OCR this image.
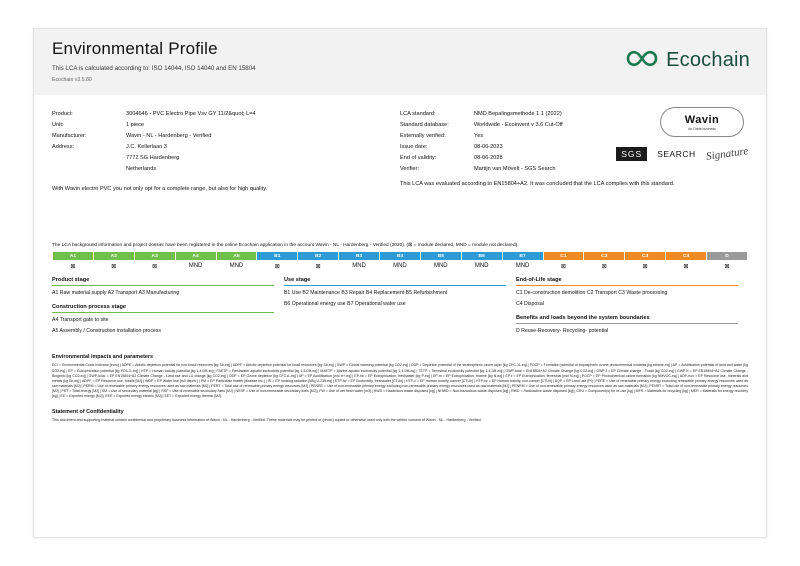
Environmental Profile
This LCA is calculated according to: ISO 14044, ISO 14040 and EN 15804
Ecochain v3.5.80
Ecochain
Product:	3004646 - PVC Electro Pipe Vsv GY 11/2&quot; L=4
Unit:	1 piece
Manufacturer:	Wavin - NL - Hardenberg - Verified
Address:	J.C. Kellerlaan 3
7772 SG Hardenberg
Netherlands
LCA standard:	NMD Bepalingsmethode 1.1 (2022)
Standard database:	Worldwide - Ecoinvent v 3.6 Cut-Off
Externally verified:	Yes
Issue date:	08-06-2023
End of validity:	08-06-2028
Verifier:	Martijn van Mövelt - SGS Search
With Wavin electro PVC you not only opt for a complete range, but also for high quality.
This LCA was evaluated according to EN15804+A2. It was concluded that the LCA complies with this standard.
Wavin
An Orbia business
SGS	SEARCH Signature
The LCA background information and project dossier have been registered in the online Ecochain application in the account Wavin - NL - Hardenberg - Verified (2020), (⊠ = module declared, MND = module not declared).
A1	A2	A3	A4	A5	B1	B2	B3	B4	B5	B6	B7	C1	C2	C3	C4	D
⊠	⊠	⊠	MND	MND	⊠	⊠	MND	MND	MND	MND	MND	⊠	⊠	⊠	⊠	⊠
Product stage
A1 Raw material supply A2 Transport A3 Manufacturing
Construction process stage
A4 Transport gate to site
A5 Assembly / Construction installation process
Use stage
B1 Use B2 Maintenance B3 Repair B4 Replacement B5 Refurbishment
B6 Operational energy use B7 Operational water use
End-of-Life stage
C1 De-construction demolition C2 Transport C3 Waste processing
C4 Disposal
Benefits and loads beyond the system boundaries
D Reuse-Recovery- Recycling- potential
Environmental impacts and parameters

ECI = Environmental Costs Indicator [euro] | ADPE = Abiotic depletion potential for non-fossil resources [kg Sb-eq] | ADPF = Abiotic depletion potential for fossil resources [kg Sb-eq] | GWP = Global warming potential [kg CO2-eq] | ODP = Depletion potential of the stratospheric ozone layer [kg CFC-11-eq] | POCP = Formation potential of tropospheric ozone photochemical oxidants [kg ethane-eq] | AP = Acidification potential of land and water [kg SO2-eq] | EP = Eutrophication potential [kg PO4-3--eq] | HTP = Human toxicity potential [kg 1,4-DB-eq] | FAETP = Freshwater aquatic ecotoxicity potential [kg 1,4-DB-eq] | MAETP = Marine aquatic ecotoxicity potential [kg 1,4-DB-eq] | TETP = Terrestrial ecotoxicity potential [kg 1,4-DB-eq] | GWP-total = EN15804+A2 Climate Change [kg CO2-eq] | GWP-f = EP Climate change - Fossil [kg CO2-eq] | GWP-b = EP EN15804+A2 Climate Change - Biogenic [kg CO2-eq] | GWP-luluc = EP EN15804+A2 Climate Change - Land use and LU change [kg CO2-eq] | ODP = EP Ozone depletion [kg CFC11-eq] | AP = EP Acidification [mol H+-eq] | EP-fw = EP Eutrophication, freshwater [kg P-eq] | EP-m = EP Eutrophication, marine [kg N-eq] | EP-t = EP Eutrophication, terrestrial [mol N-eq] | POCP = EP Photochemical ozone formation [kg NMVOC-eq] | ADP-non = EP Resource use, minerals and metals [kg Sb-eq] | ADPF = EP Resource use, fossils [MJ] | WDP = EP Water use [m3 depriv.] | PM = EP Particulate matter [disease inc.] | IR = EP Ionising radiation [kBq U-235-eq] | ETP-fw = EP Ecotoxicity, freshwater [CTUe] | HTP-c = EP Human toxicity, cancer [CTUh] | HTP-nc = EP Human toxicity, non-cancer [CTUh] | SQP = EP Land use [Pt] | PERE = Use of renewable primary energy excluding renewable primary energy resources used as raw materials [MJ] | PERM = Use of renewable primary energy resources used as raw materials [MJ] | PERT = Total use of renewable primary energy resources [MJ] | PENRE = Use of non-renewable primary energy excluding non-renewable primary energy resources used as raw materials [MJ] | PENRM = Use of non-renewable primary energy resources used as raw materials [MJ] | PENRT = Total use of non-renewable primary energy resources [MJ] | PET = Total energy [MJ] | SM = Use of secondary material [kg] | RSF = Use of renewable secondary fuels [MJ] | NRSF = Use of non-renewable secondary fuels [MJ] | FW = Use of net fresh water [m3] | HWD = Hazardous waste disposed [kg] | NHWD = Non-hazardous waste disposed [kg] | RWD = Radioactive waste disposed [kg] | CRU = Component(s) for re-use [kg] | MFR = Materials for recycling [kg] | MER = Materials for energy recovery [kg] | EE = Exported energy [MJ] | EEE = Exported energy electric [MJ] | EET = Exported energy thermic [MJ].

Statement of Confidentiality

This document and supporting material contain confidential and proprietary business information of Wavin - NL - Hardenberg - Verified. These materials may be printed or (photo) copied or otherwise used only with the written consent of Wavin - NL - Hardenberg - Verified.
